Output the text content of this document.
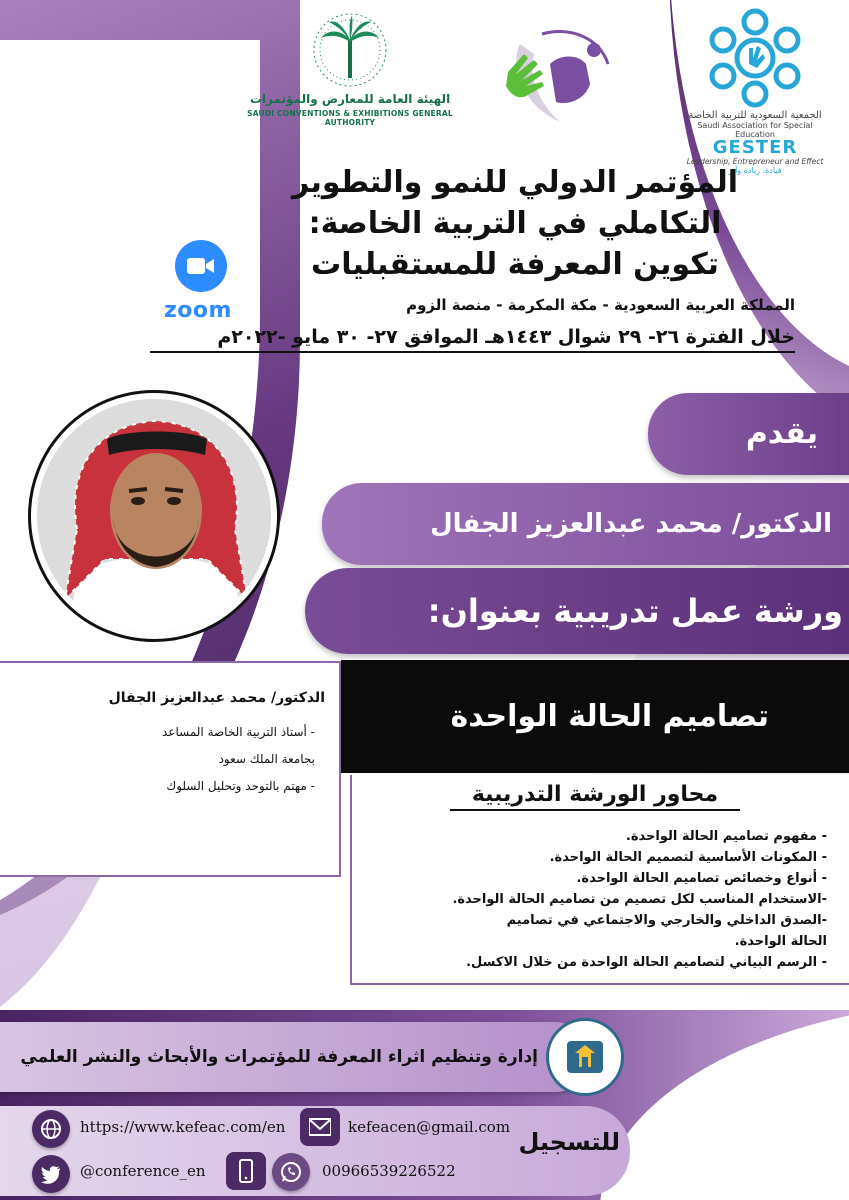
الهيئة العامة للمعارض والمؤتمرات
SAUDI CONVENTIONS & EXHIBITIONS GENERAL AUTHORITY
الجمعية السعودية للتربية الخاصة
Saudi Association for Special Education
GESTER
Leadership, Entrepreneur and Effect
قيادة، ريادة وأثر
zoom
المؤتمر الدولي للنمو والتطوير
التكاملي في التربية الخاصة:
تكوين المعرفة للمستقبليات
المملكة العربية السعودية - مكة المكرمة - منصة الزوم
خلال الفترة ٢٦- ٢٩ شوال ١٤٤٣هـ الموافق ٢٧- ٣٠ مايو -٢٠٢٢م
يقدم
الدكتور/ محمد عبدالعزيز الجفال
ورشة عمل تدريبية بعنوان:
تصاميم الحالة الواحدة
الدكتور/ محمد عبدالعزيز الجفال
- أستاذ التربية الخاصة المساعد
بجامعة الملك سعود
- مهتم بالتوحد وتحليل السلوك	محاور الورشة التدريبية
- مفهوم تصاميم الحالة الواحدة.
- المكونات الأساسية لتصميم الحالة الواحدة.
- أنواع وخصائص تصاميم الحالة الواحدة.
-الاستخدام المناسب لكل تصميم من تصاميم الحالة الواحدة.
-الصدق الداخلي والخارجي والاجتماعي في تصاميم
الحالة الواحدة.
- الرسم البياني لتصاميم الحالة الواحدة من خلال الاكسل.
إدارة وتنظيم اثراء المعرفة للمؤتمرات والأبحاث والنشر العلمي
للتسجيل
https://www.kefeac.com/en	kefeacen@gmail.com
@conference_en	00966539226522
